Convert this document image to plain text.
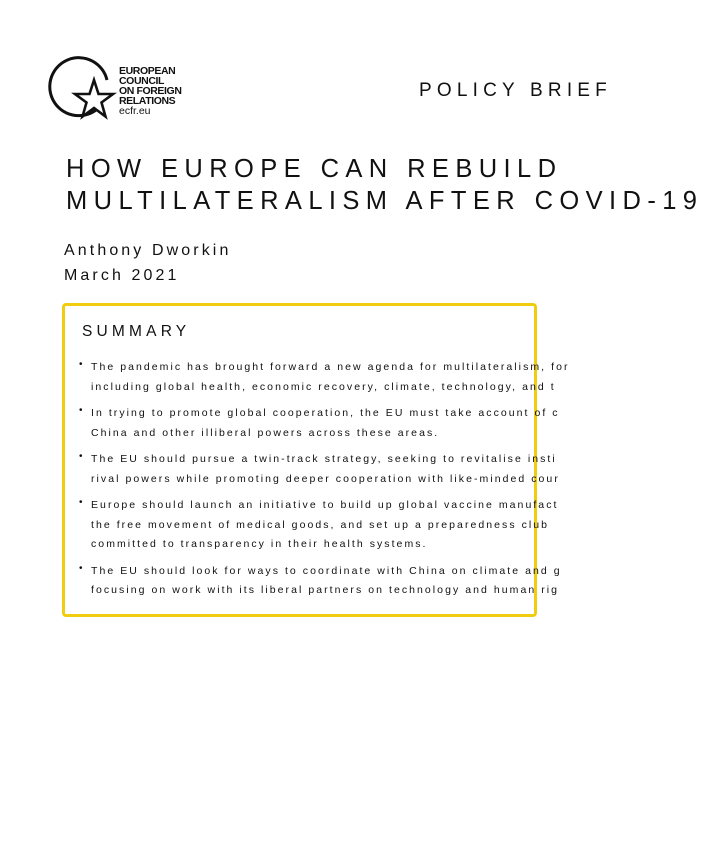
EUROPEAN
COUNCIL
ON FOREIGN
RELATIONS
ecfr.eu
POLICY BRIEF
HOW EUROPE CAN REBUILD
MULTILATERALISM AFTER COVID-19
Anthony Dworkin
March 2021
SUMMARY
• The pandemic has brought forward a new agenda for multilateralism, for
including global health, economic recovery, climate, technology, and t
• In trying to promote global cooperation, the EU must take account of c
China and other illiberal powers across these areas.
• The EU should pursue a twin-track strategy, seeking to revitalise insti
rival powers while promoting deeper cooperation with like-minded cour
• Europe should launch an initiative to build up global vaccine manufact
the free movement of medical goods, and set up a preparedness club
committed to transparency in their health systems.
• The EU should look for ways to coordinate with China on climate and g
focusing on work with its liberal partners on technology and human rig
